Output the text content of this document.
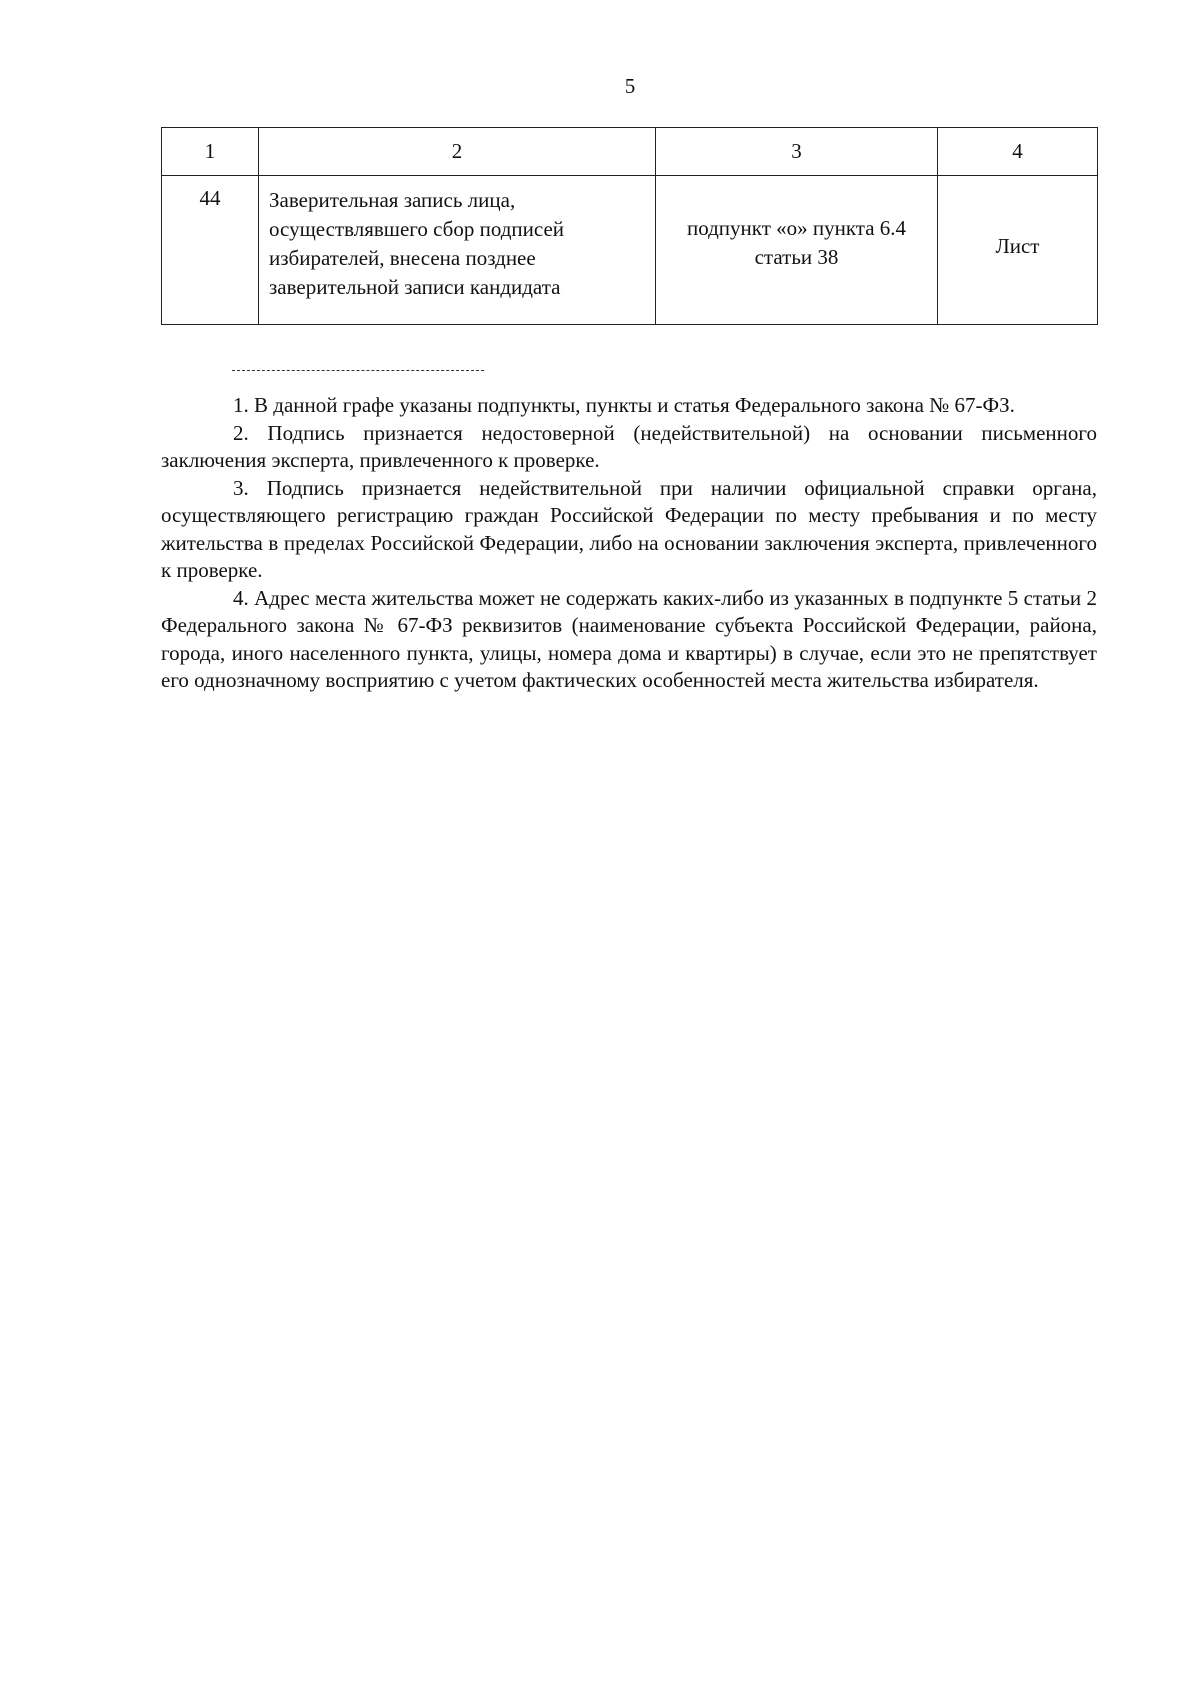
5
1	2	3	4
44	Заверительная запись лица, осуществлявшего сбор подписей избирателей, внесена позднее заверительной записи кандидата	подпункт «о» пункта 6.4 статьи 38	Лист

1. В данной графе указаны подпункты, пункты и статья Федерального закона № 67-ФЗ.

2. Подпись признается недостоверной (недействительной) на основании письменного заключения эксперта, привлеченного к проверке.

3. Подпись признается недействительной при наличии официальной справки органа, осуществляющего регистрацию граждан Российской Федерации по месту пребывания и по месту жительства в пределах Российской Федерации, либо на основании заключения эксперта, привлеченного к проверке.

4. Адрес места жительства может не содержать каких-либо из указанных в подпункте 5 статьи 2 Федерального закона № 67-ФЗ реквизитов (наименование субъекта Российской Федерации, района, города, иного населенного пункта, улицы, номера дома и квартиры) в случае, если это не препятствует его однозначному восприятию с учетом фактических особенностей места жительства избирателя.
